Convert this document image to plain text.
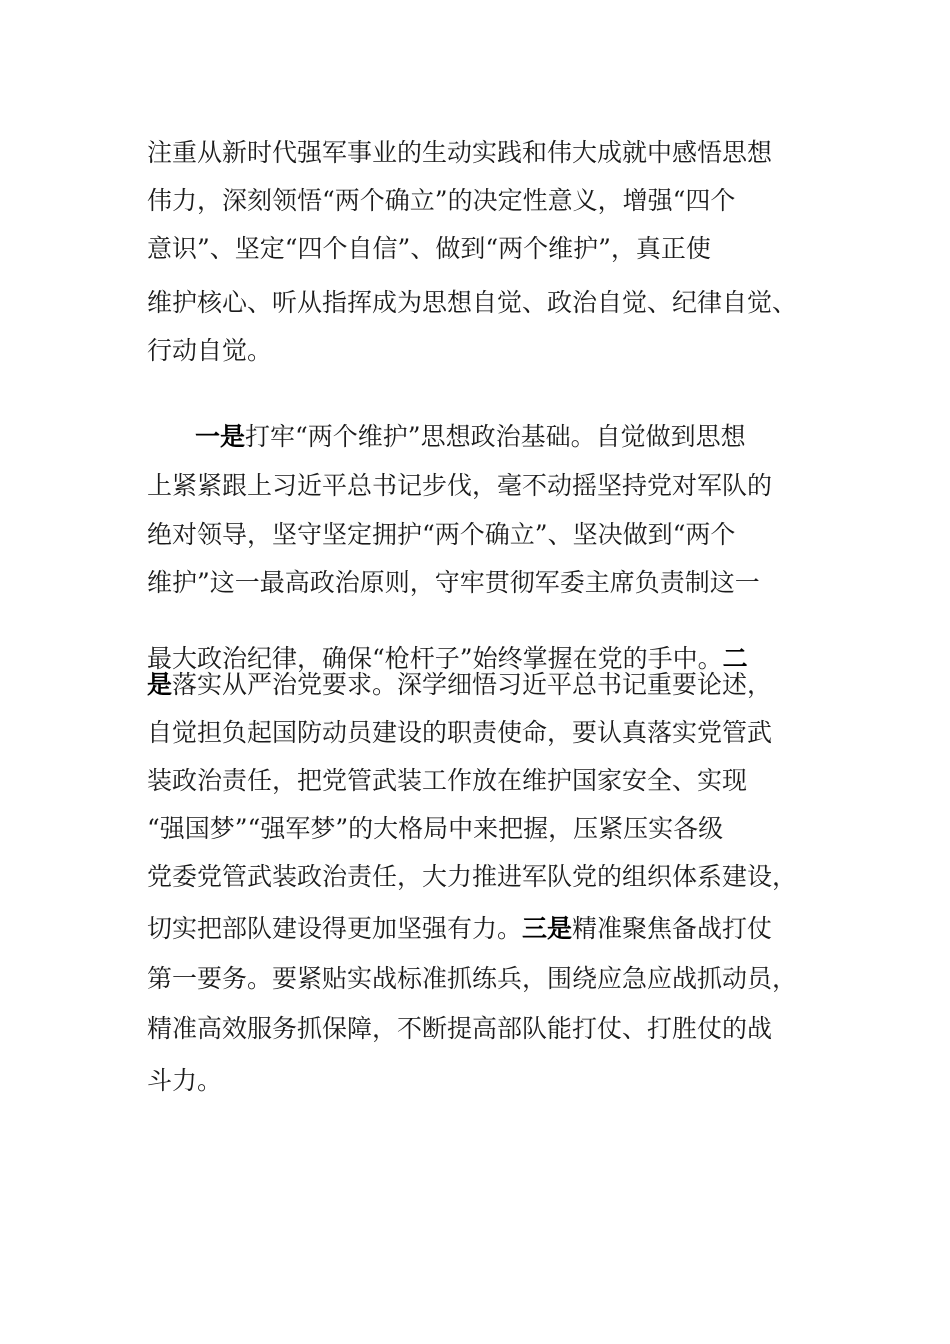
注重从新时代强军事业的生动实践和伟大成就中感悟思想
伟力，深刻领悟“两个确立”的决定性意义，增强“四个
意识”、坚定“四个自信”、做到“两个维护”，真正使
维护核心、听从指挥成为思想自觉、政治自觉、纪律自觉、
行动自觉。
一是打牢“两个维护”思想政治基础。自觉做到思想
上紧紧跟上习近平总书记步伐，毫不动摇坚持党对军队的
绝对领导，坚守坚定拥护“两个确立”、坚决做到“两个
维护”这一最高政治原则，守牢贯彻军委主席负责制这一
最大政治纪律，确保“枪杆子”始终掌握在党的手中。二
是落实从严治党要求。深学细悟习近平总书记重要论述，
自觉担负起国防动员建设的职责使命，要认真落实党管武
装政治责任，把党管武装工作放在维护国家安全、实现
“强国梦”“强军梦”的大格局中来把握，压紧压实各级
党委党管武装政治责任，大力推进军队党的组织体系建设，
切实把部队建设得更加坚强有力。三是精准聚焦备战打仗
第一要务。要紧贴实战标准抓练兵，围绕应急应战抓动员，
精准高效服务抓保障，不断提高部队能打仗、打胜仗的战
斗力。
